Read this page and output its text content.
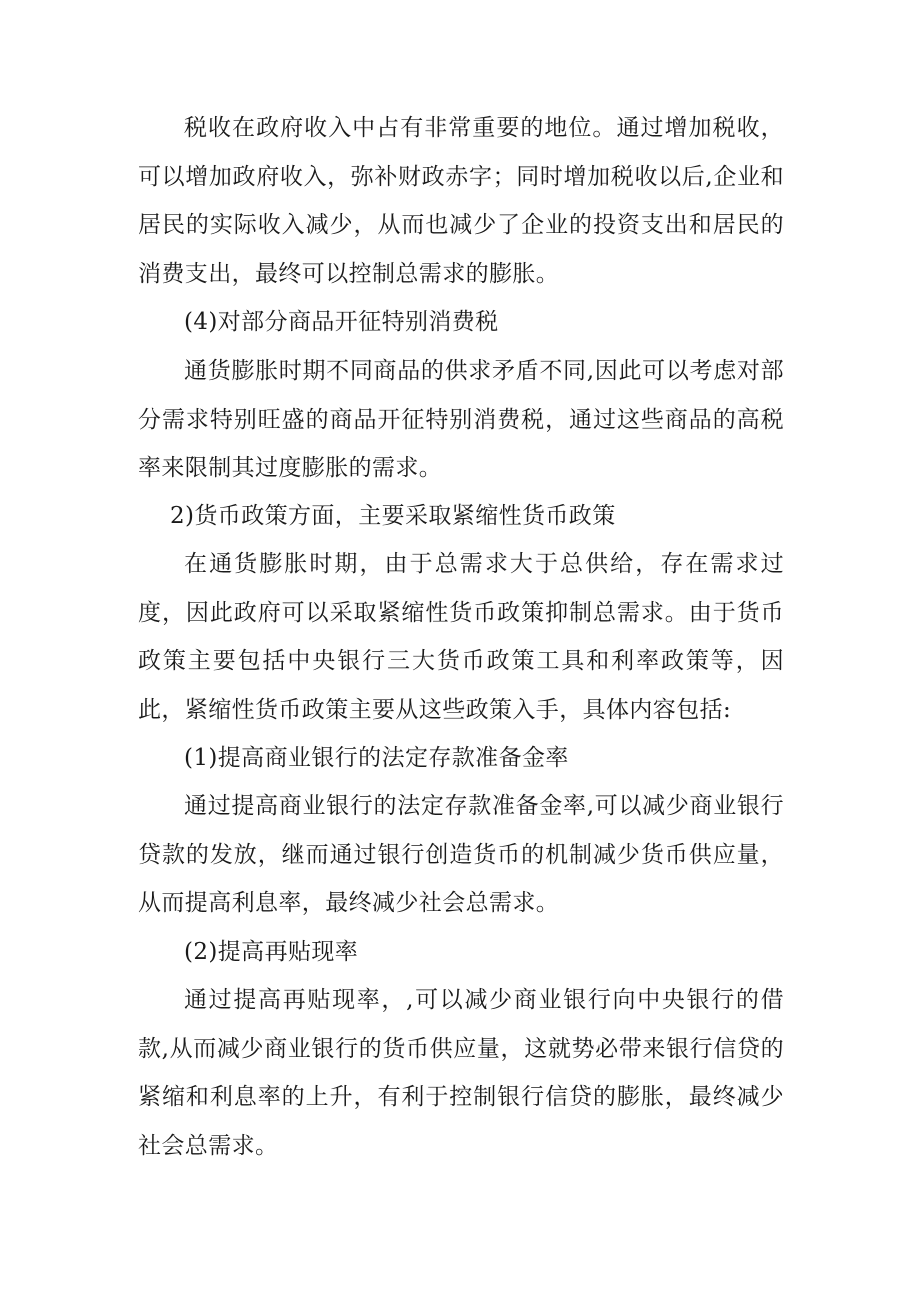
税收在政府收入中占有非常重要的地位。通过增加税收，可以增加政府收入，弥补财政赤字；同时增加税收以后,企业和居民的实际收入减少，从而也减少了企业的投资支出和居民的消费支出，最终可以控制总需求的膨胀。

(4)对部分商品开征特别消费税

通货膨胀时期不同商品的供求矛盾不同,因此可以考虑对部分需求特别旺盛的商品开征特别消费税，通过这些商品的高税率来限制其过度膨胀的需求。

2)货币政策方面，主要采取紧缩性货币政策

在通货膨胀时期，由于总需求大于总供给，存在需求过度，因此政府可以采取紧缩性货币政策抑制总需求。由于货币政策主要包括中央银行三大货币政策工具和利率政策等，因此，紧缩性货币政策主要从这些政策入手，具体内容包括:

(1)提高商业银行的法定存款准备金率

通过提高商业银行的法定存款准备金率,可以减少商业银行贷款的发放，继而通过银行创造货币的机制减少货币供应量，从而提高利息率，最终减少社会总需求。

(2)提高再贴现率

通过提高再贴现率，,可以减少商业银行向中央银行的借款,从而减少商业银行的货币供应量，这就势必带来银行信贷的紧缩和利息率的上升，有利于控制银行信贷的膨胀，最终减少社会总需求。
